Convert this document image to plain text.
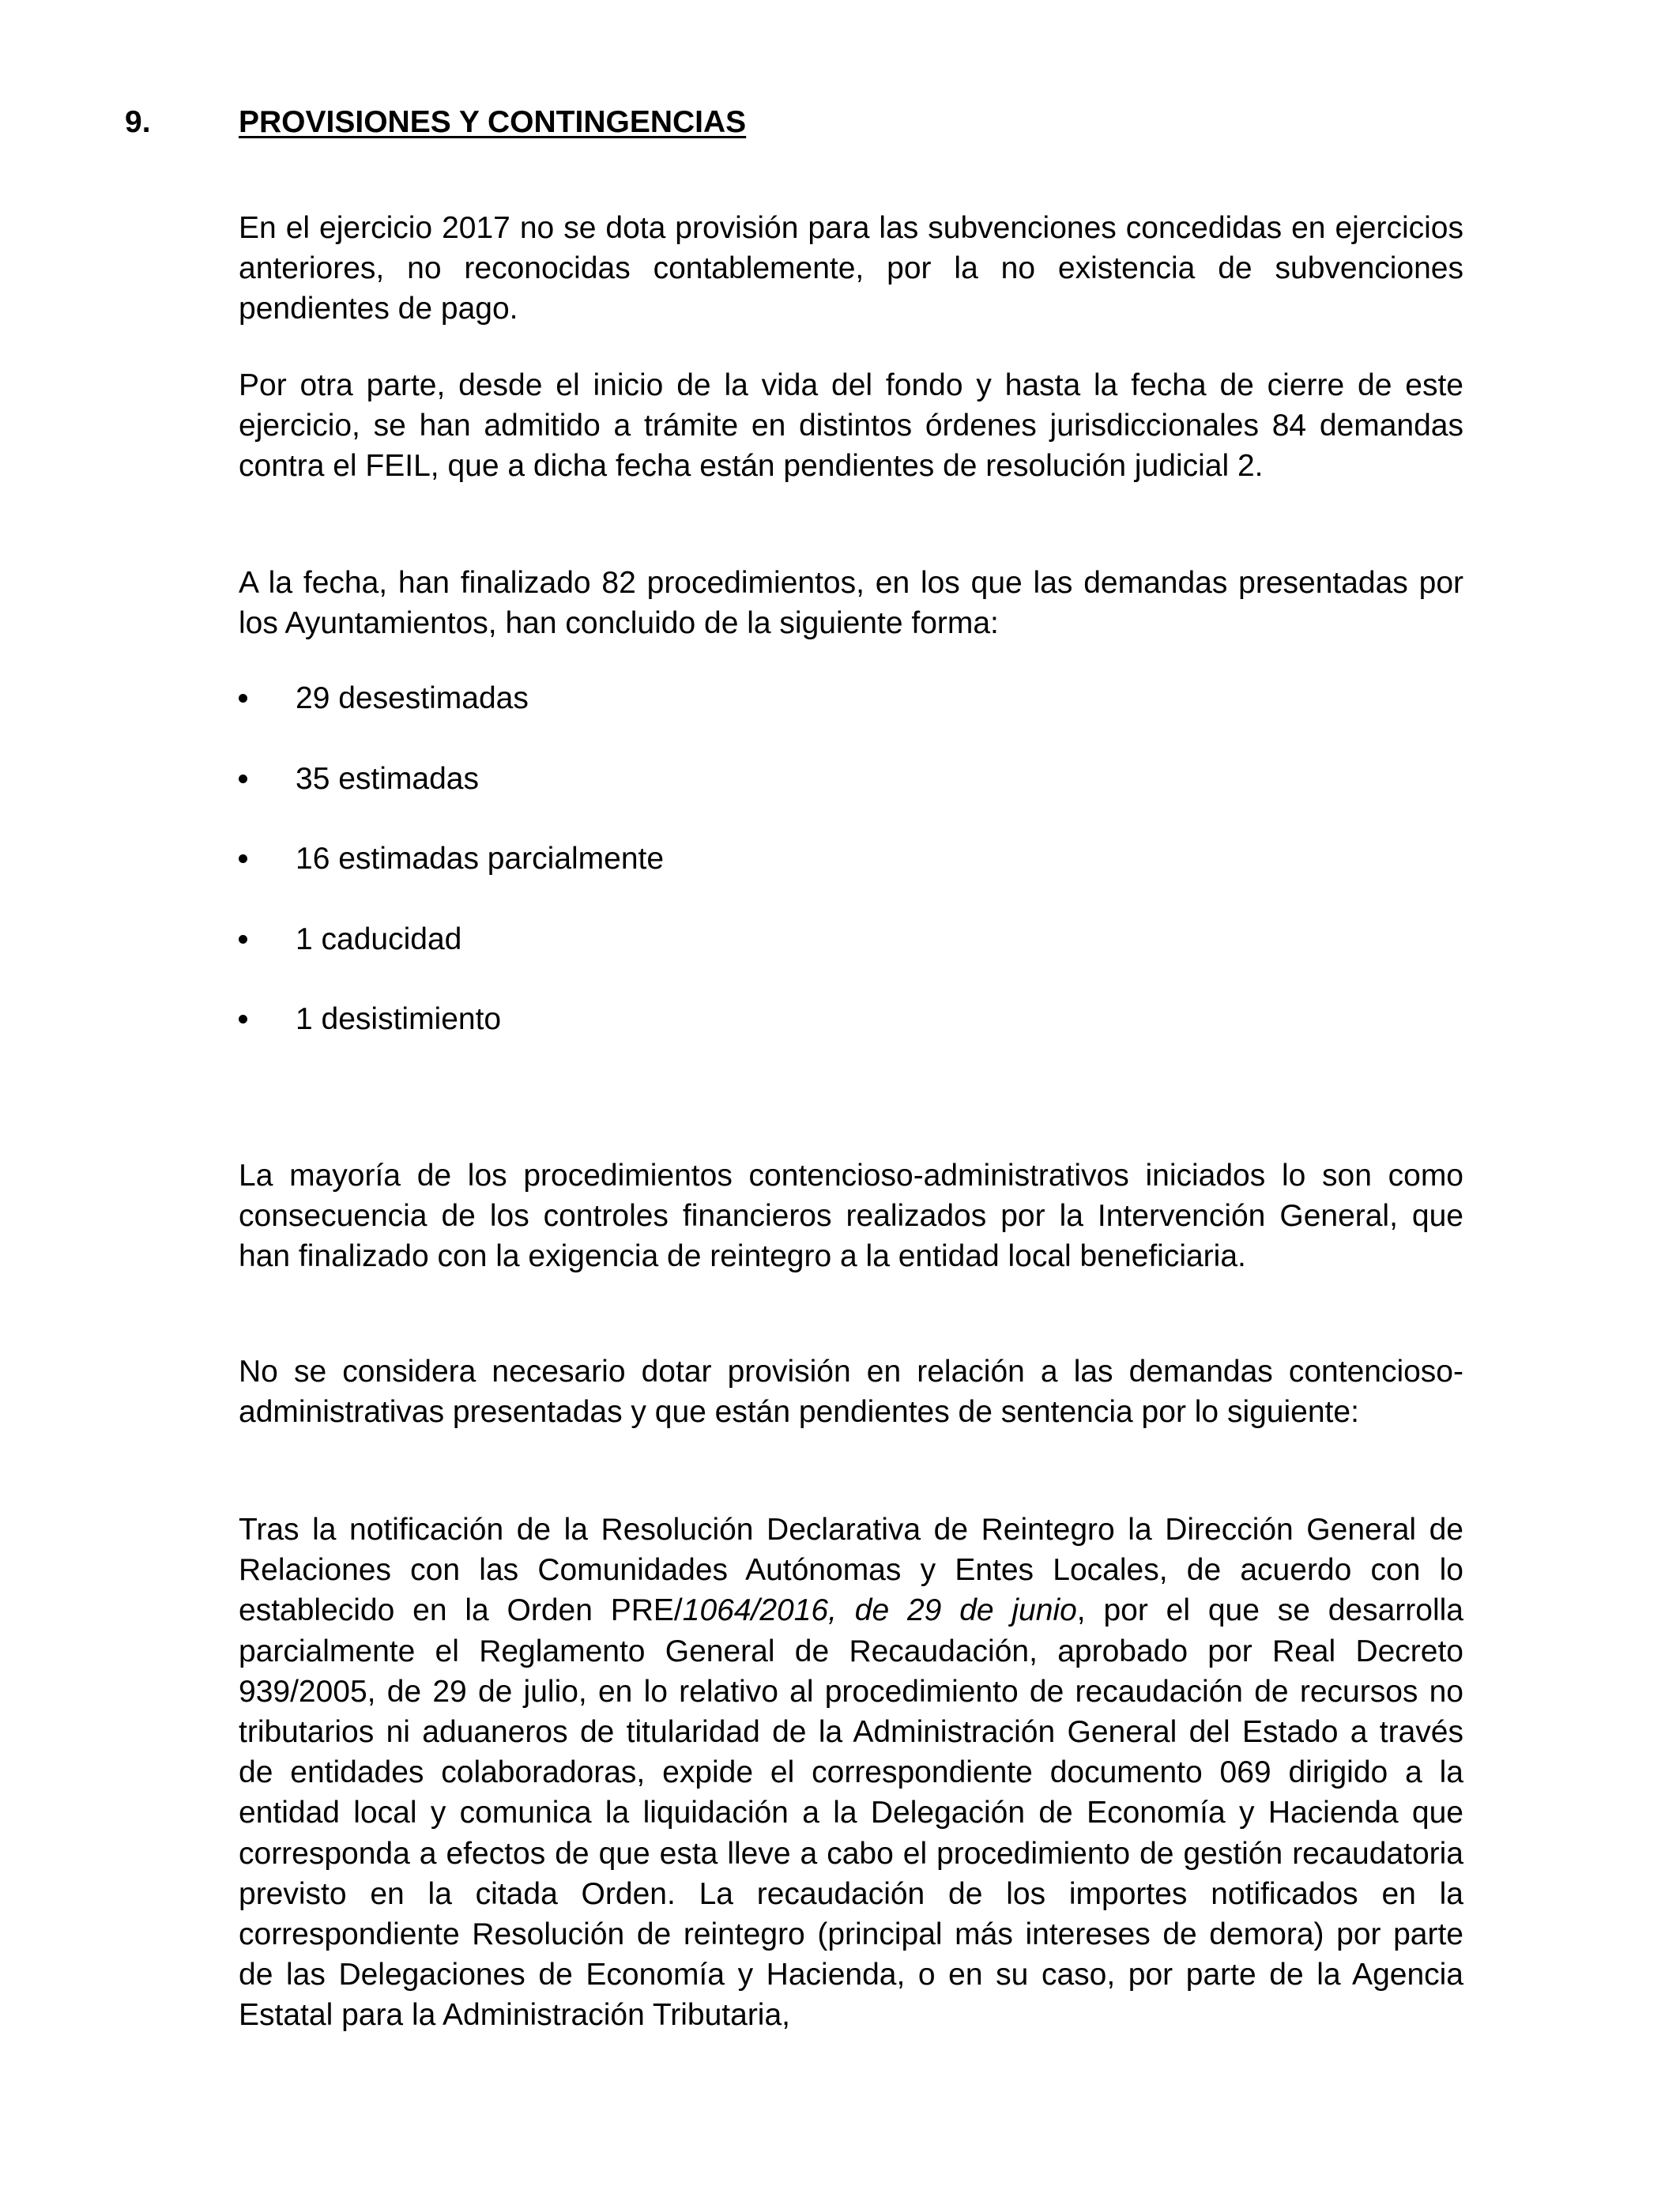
9.	PROVISIONES Y CONTINGENCIAS

En el ejercicio 2017 no se dota provisión para las subvenciones concedidas en ejercicios anteriores, no reconocidas contablemente, por la no existencia de subvenciones pendientes de pago.

Por otra parte, desde el inicio de la vida del fondo y hasta la fecha de cierre de este ejercicio, se han admitido a trámite en distintos órdenes jurisdiccionales 84 demandas contra el FEIL, que a dicha fecha están pendientes de resolución judicial 2.

A la fecha, han finalizado 82 procedimientos, en los que las demandas presentadas por los Ayuntamientos, han concluido de la siguiente forma:

29 desestimadas
35 estimadas
16 estimadas parcialmente
1 caducidad
1 desistimiento

La mayoría de los procedimientos contencioso-administrativos iniciados lo son como consecuencia de los controles financieros realizados por la Intervención General, que han finalizado con la exigencia de reintegro a la entidad local beneficiaria.

No se considera necesario dotar provisión en relación a las demandas contencioso-administrativas presentadas y que están pendientes de sentencia por lo siguiente:

Tras la notificación de la Resolución Declarativa de Reintegro la Dirección General de Relaciones con las Comunidades Autónomas y Entes Locales, de acuerdo con lo establecido en la Orden PRE/1064/2016, de 29 de junio, por el que se desarrolla parcialmente el Reglamento General de Recaudación, aprobado por Real Decreto 939/2005, de 29 de julio, en lo relativo al procedimiento de recaudación de recursos no tributarios ni aduaneros de titularidad de la Administración General del Estado a través de entidades colaboradoras, expide el correspondiente documento 069 dirigido a la entidad local y comunica la liquidación a la Delegación de Economía y Hacienda que corresponda a efectos de que esta lleve a cabo el procedimiento de gestión recaudatoria previsto en la citada Orden. La recaudación de los importes notificados en la correspondiente Resolución de reintegro (principal más intereses de demora) por parte de las Delegaciones de Economía y Hacienda, o en su caso, por parte de la Agencia Estatal para la Administración Tributaria,
